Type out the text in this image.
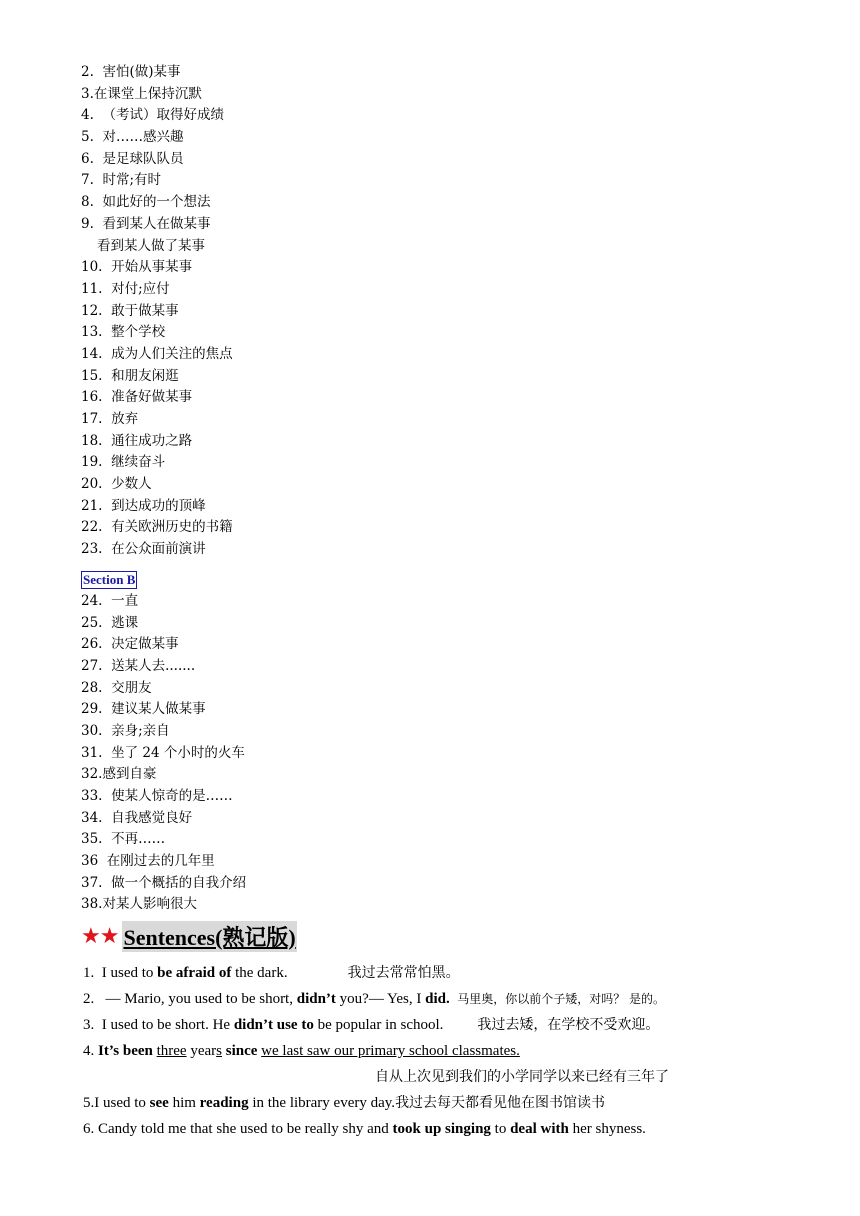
2. 害怕(做)某事
3.在课堂上保持沉默
4. （考试）取得好成绩
5. 对……感兴趣
6. 是足球队队员
7. 时常;有时
8. 如此好的一个想法
9. 看到某人在做某事
看到某人做了某事
10. 开始从事某事
11. 对付;应付
12. 敢于做某事
13. 整个学校
14. 成为人们关注的焦点
15. 和朋友闲逛
16. 准备好做某事
17. 放弃
18. 通往成功之路
19. 继续奋斗
20. 少数人
21. 到达成功的顶峰
22. 有关欧洲历史的书籍
23. 在公众面前演讲
Section B
24. 一直
25. 逃课
26. 决定做某事
27. 送某人去.......
28. 交朋友
29. 建议某人做某事
30. 亲身;亲自
31. 坐了 24 个小时的火车
32.感到自豪
33. 使某人惊奇的是……
34. 自我感觉良好
35. 不再……
36 在刚过去的几年里
37. 做一个概括的自我介绍
38.对某人影响很大
★★ Sentences(熟记版)
1. I used to be afraid of the dark.	我过去常常怕黑。
2. — Mario, you used to be short, didn’t you?— Yes, I did. 马里奥，你以前个子矮，对吗？ 是的。
3. I used to be short. He didn’t use to be popular in school. 我过去矮，在学校不受欢迎。
4. It’s been three years since we last saw our primary school classmates.
自从上次见到我们的小学同学以来已经有三年了
5.I used to see him reading in the library every day.我过去每天都看见他在图书馆读书
6. Candy told me that she used to be really shy and took up singing to deal with her shyness.
